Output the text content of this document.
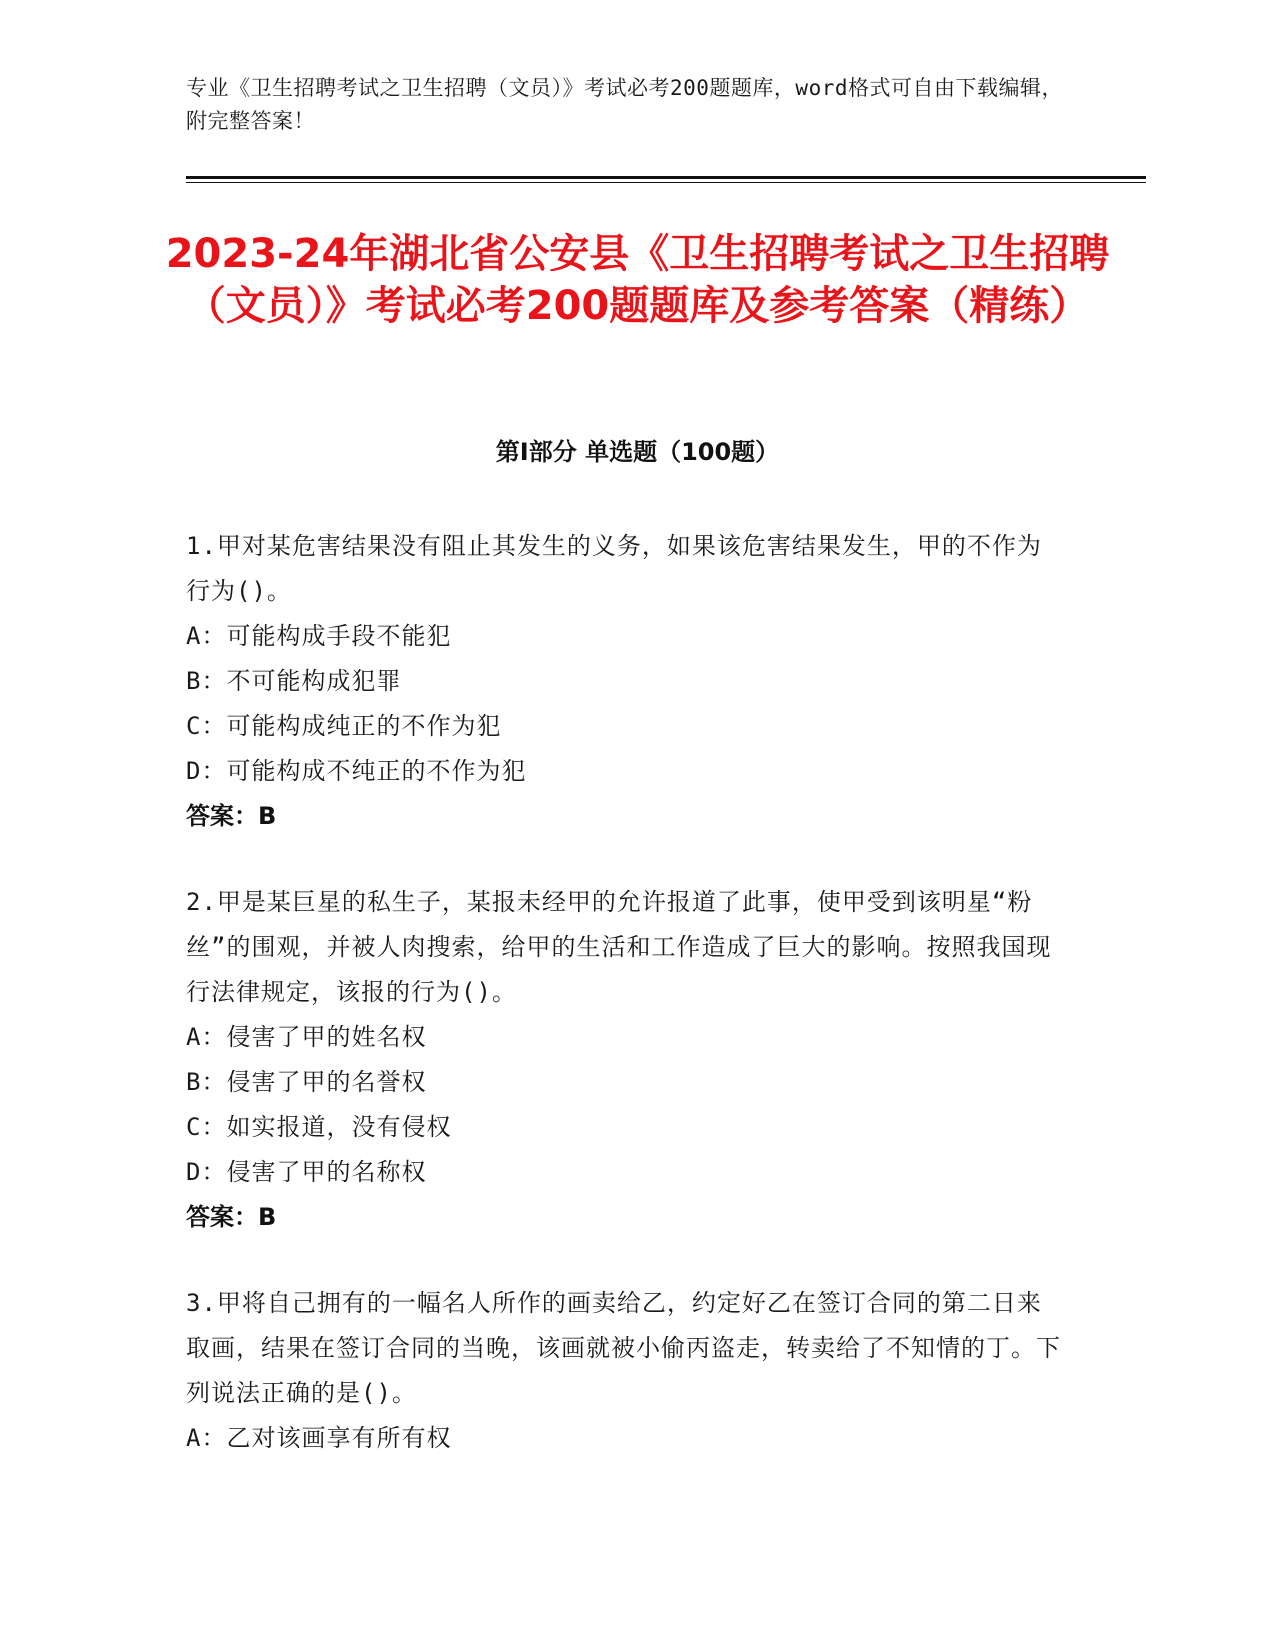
专业《卫生招聘考试之卫生招聘（文员）》考试必考200题题库，word格式可自由下载编辑，附完整答案！
2023-24年湖北省公安县《卫生招聘考试之卫生招聘（文员）》考试必考200题题库及参考答案（精练）
第I部分 单选题（100题）
1.甲对某危害结果没有阻止其发生的义务，如果该危害结果发生，甲的不作为行为()。
A：可能构成手段不能犯
B：不可能构成犯罪
C：可能构成纯正的不作为犯
D：可能构成不纯正的不作为犯
答案：B
2.甲是某巨星的私生子，某报未经甲的允许报道了此事，使甲受到该明星“粉丝”的围观，并被人肉搜索，给甲的生活和工作造成了巨大的影响。按照我国现行法律规定，该报的行为()。
A：侵害了甲的姓名权
B：侵害了甲的名誉权
C：如实报道，没有侵权
D：侵害了甲的名称权
答案：B
3.甲将自己拥有的一幅名人所作的画卖给乙，约定好乙在签订合同的第二日来取画，结果在签订合同的当晚，该画就被小偷丙盗走，转卖给了不知情的丁。下列说法正确的是()。
A：乙对该画享有所有权
